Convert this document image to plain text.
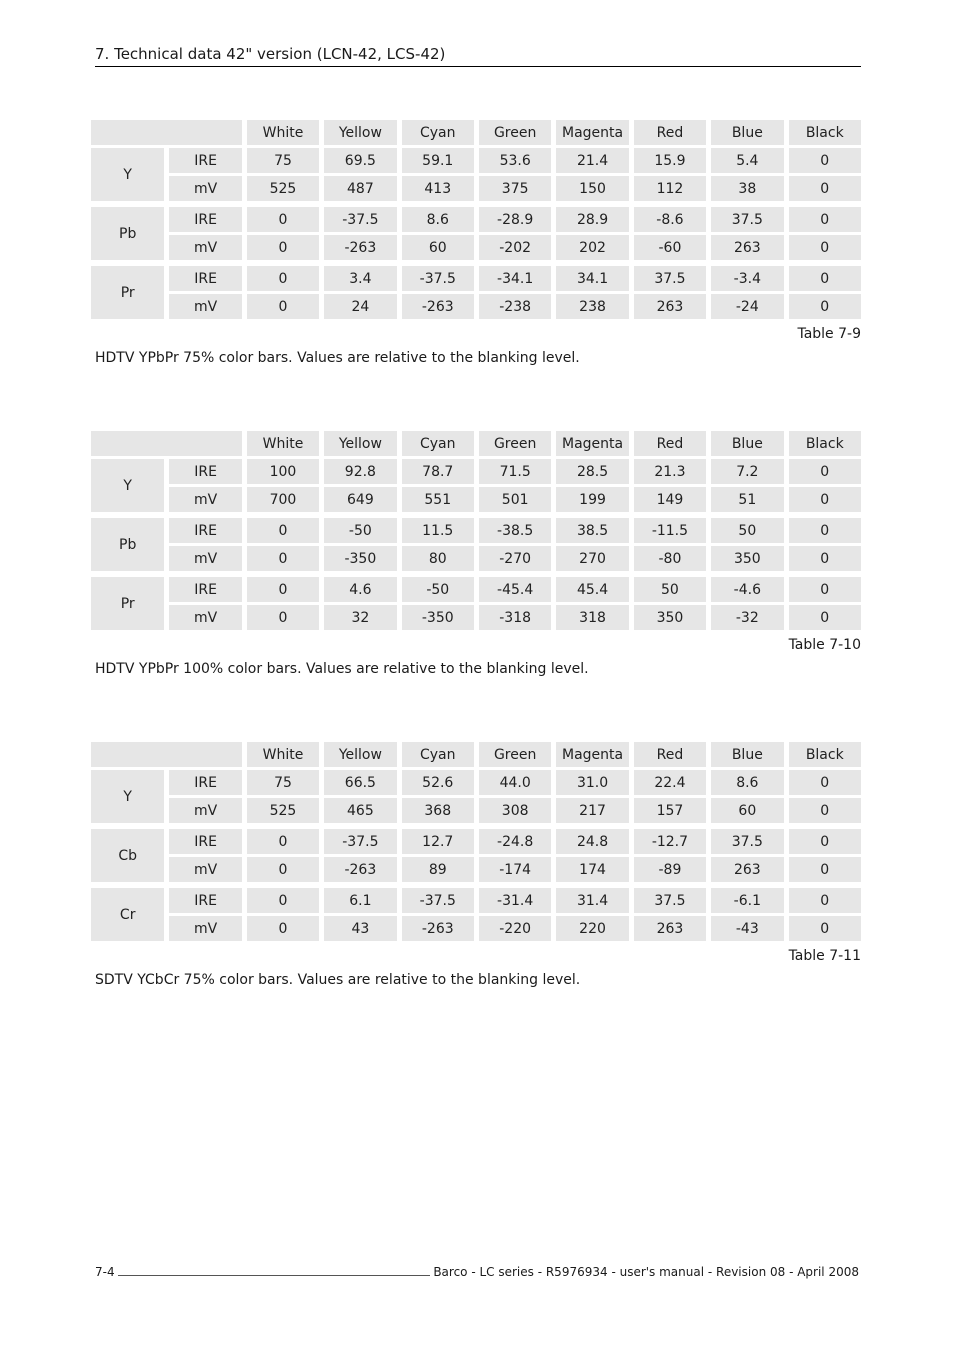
7. Technical data 42" version (LCN-42, LCS-42)
		White	Yellow	Cyan	Green	Magenta	Red	Blue	Black
Y	IRE	75	69.5	59.1	53.6	21.4	15.9	5.4	0
	mV	525	487	413	375	150	112	38	0

Pb	IRE	0	-37.5	8.6	-28.9	28.9	-8.6	37.5	0
	mV	0	-263	60	-202	202	-60	263	0

Pr	IRE	0	3.4	-37.5	-34.1	34.1	37.5	-3.4	0
	mV	0	24	-263	-238	238	263	-24	0
Table 7-9
HDTV YPbPr 75% color bars. Values are relative to the blanking level.
		White	Yellow	Cyan	Green	Magenta	Red	Blue	Black
Y	IRE	100	92.8	78.7	71.5	28.5	21.3	7.2	0
	mV	700	649	551	501	199	149	51	0

Pb	IRE	0	-50	11.5	-38.5	38.5	-11.5	50	0
	mV	0	-350	80	-270	270	-80	350	0

Pr	IRE	0	4.6	-50	-45.4	45.4	50	-4.6	0
	mV	0	32	-350	-318	318	350	-32	0
Table 7-10
HDTV YPbPr 100% color bars. Values are relative to the blanking level.
		White	Yellow	Cyan	Green	Magenta	Red	Blue	Black
Y	IRE	75	66.5	52.6	44.0	31.0	22.4	8.6	0
	mV	525	465	368	308	217	157	60	0

Cb	IRE	0	-37.5	12.7	-24.8	24.8	-12.7	37.5	0
	mV	0	-263	89	-174	174	-89	263	0

Cr	IRE	0	6.1	-37.5	-31.4	31.4	37.5	-6.1	0
	mV	0	43	-263	-220	220	263	-43	0
Table 7-11
SDTV YCbCr 75% color bars. Values are relative to the blanking level.
7-4	Barco - LC series - R5976934 - user's manual - Revision 08 - April 2008
